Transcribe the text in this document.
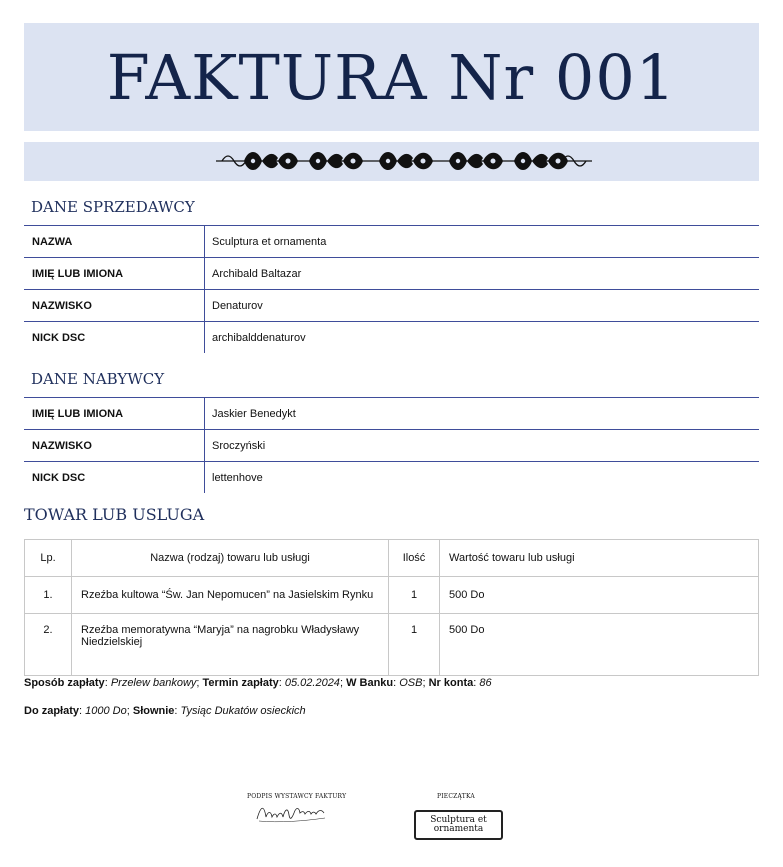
FAKTURA Nr 001
DANE SPRZEDAWCY
NAZWA	Sculptura et ornamenta
IMIĘ LUB IMIONA	Archibald Baltazar
NAZWISKO	Denaturov
NICK DSC	archibalddenaturov
DANE NABYWCY
IMIĘ LUB IMIONA	Jaskier Benedykt
NAZWISKO	Sroczyński
NICK DSC	lettenhove
TOWAR LUB USLUGA
Lp.	Nazwa (rodzaj) towaru lub usługi	Ilość	Wartość towaru lub usługi
1.	Rzeźba kultowa “Św. Jan Nepomucen” na Jasielskim Rynku	1	500 Do
2.	Rzeźba memoratywna “Maryja” na nagrobku Władysławy Niedzielskiej	1	500 Do
Sposób zapłaty: Przelew bankowy; Termin zapłaty: 05.02.2024; W Banku: OSB; Nr konta: 86
Do zapłaty: 1000 Do; Słownie: Tysiąc Dukatów osieckich
PODPIS WYSTAWCY FAKTURY	PIECZĄTKA
Sculptura et ornamenta
